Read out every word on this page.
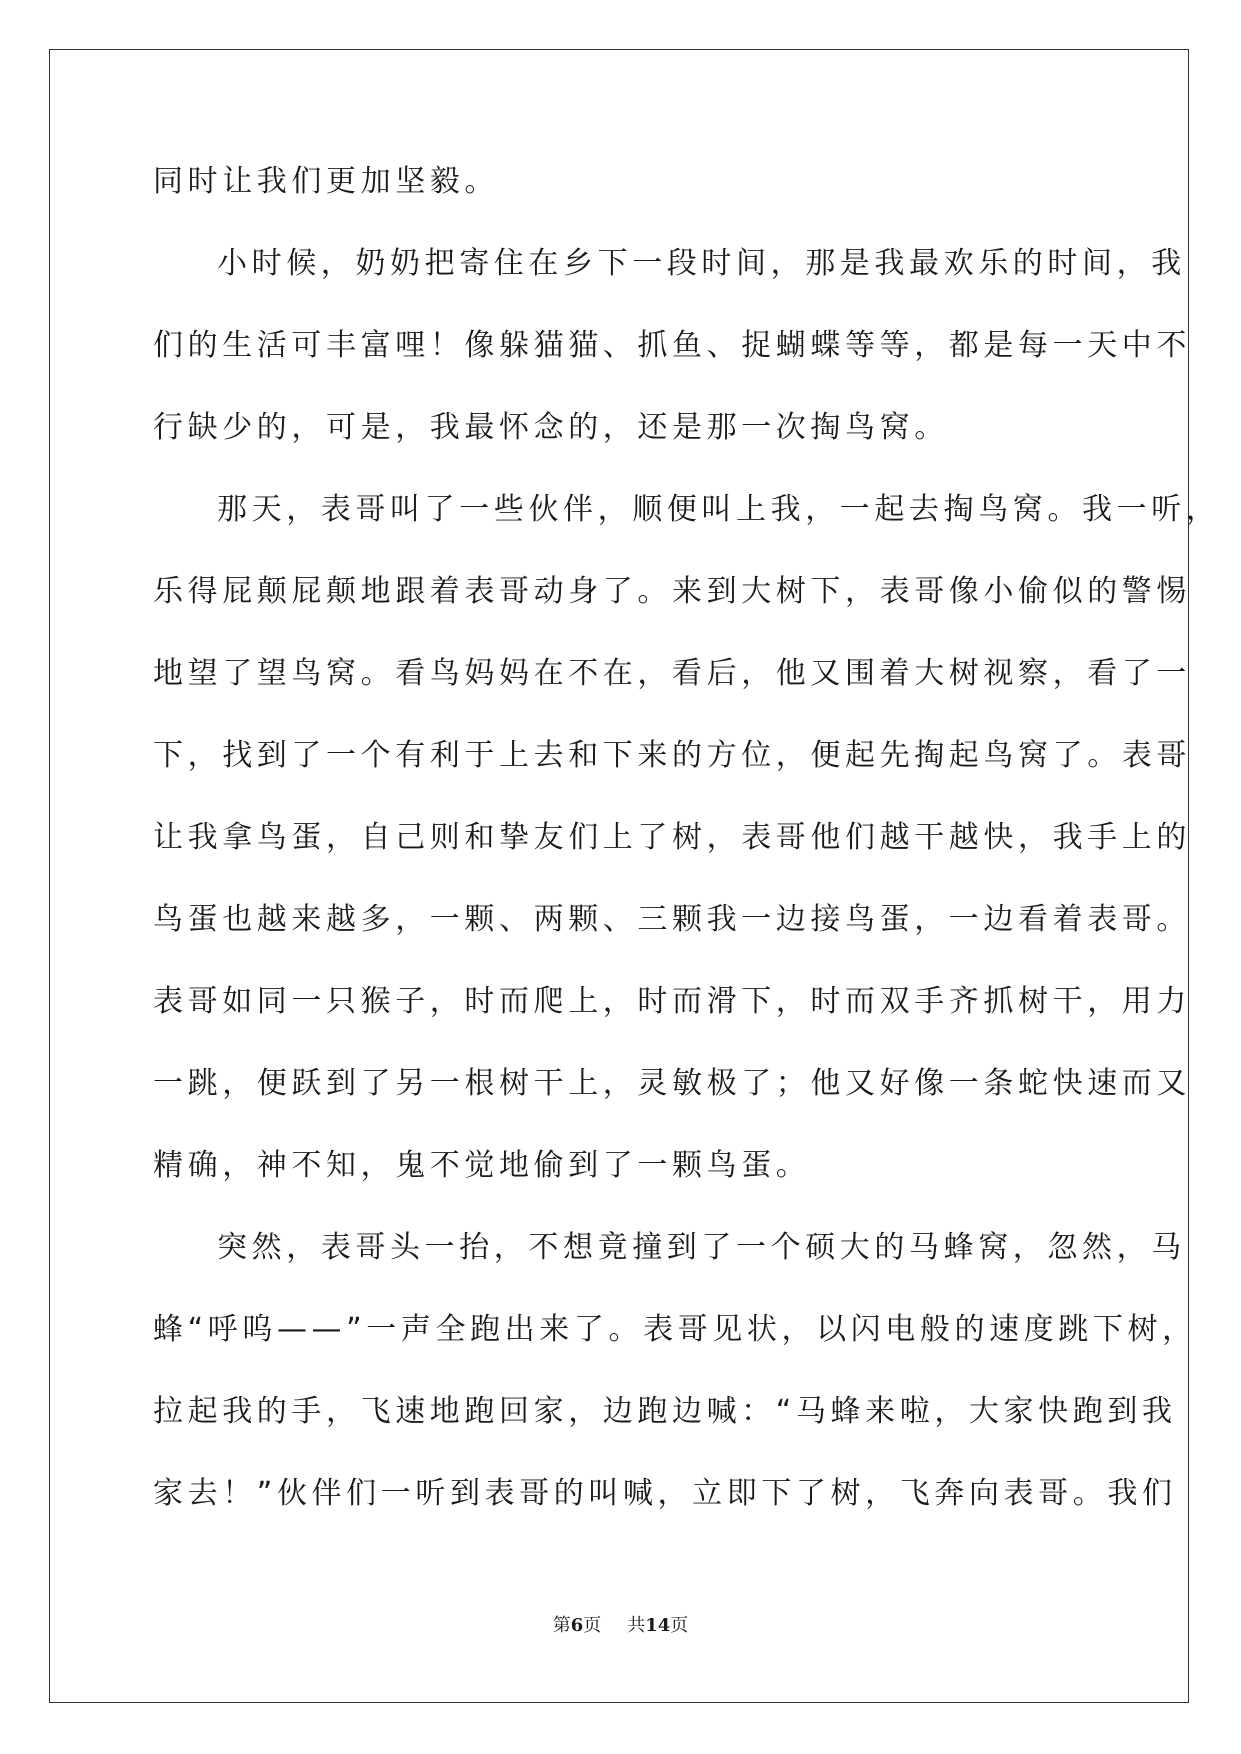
同时让我们更加坚毅。
小时候，奶奶把寄住在乡下一段时间，那是我最欢乐的时间，我
们的生活可丰富哩！像躲猫猫、抓鱼、捉蝴蝶等等，都是每一天中不
行缺少的，可是，我最怀念的，还是那一次掏鸟窝。
那天，表哥叫了一些伙伴，顺便叫上我，一起去掏鸟窝。我一听，
乐得屁颠屁颠地跟着表哥动身了。来到大树下，表哥像小偷似的警惕
地望了望鸟窝。看鸟妈妈在不在，看后，他又围着大树视察，看了一
下，找到了一个有利于上去和下来的方位，便起先掏起鸟窝了。表哥
让我拿鸟蛋，自己则和挚友们上了树，表哥他们越干越快，我手上的
鸟蛋也越来越多，一颗、两颗、三颗我一边接鸟蛋，一边看着表哥。
表哥如同一只猴子，时而爬上，时而滑下，时而双手齐抓树干，用力
一跳，便跃到了另一根树干上，灵敏极了；他又好像一条蛇快速而又
精确，神不知，鬼不觉地偷到了一颗鸟蛋。
突然，表哥头一抬，不想竟撞到了一个硕大的马蜂窝，忽然，马
蜂“呼呜——”一声全跑出来了。表哥见状，以闪电般的速度跳下树，
拉起我的手，飞速地跑回家，边跑边喊：“马蜂来啦，大家快跑到我
家去！”伙伴们一听到表哥的叫喊，立即下了树，飞奔向表哥。我们
第6页 共14页
